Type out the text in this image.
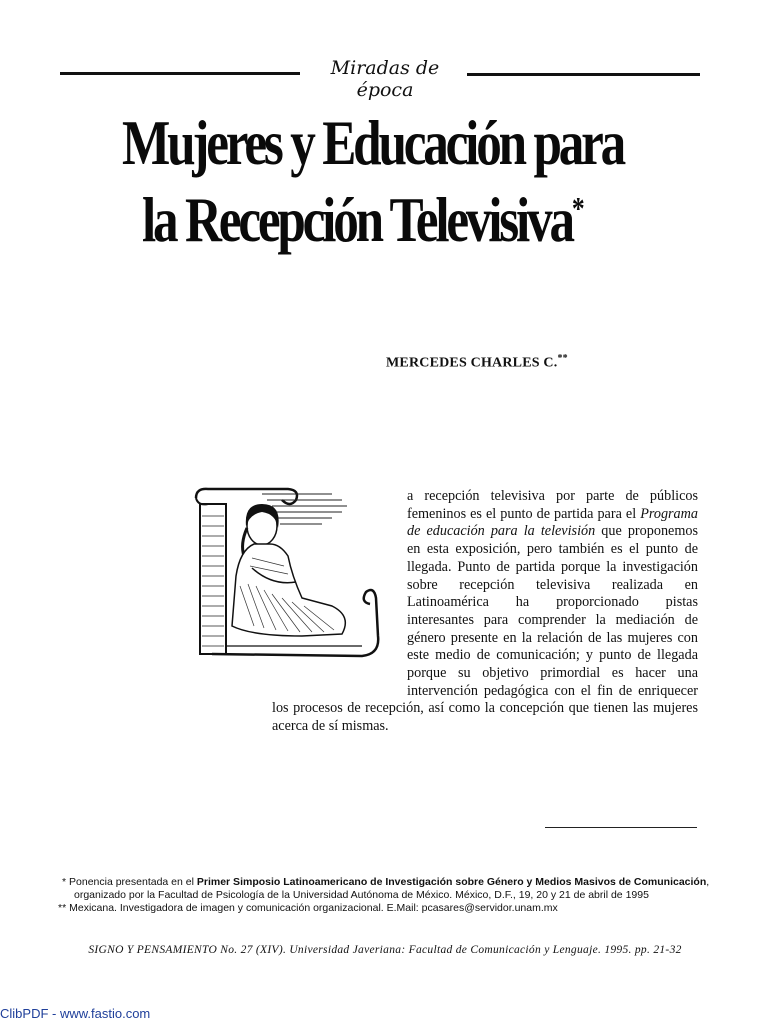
Miradas de época
Mujeres y Educación para
la Recepción Televisiva*
MERCEDES CHARLES C.**

a recepción televisiva por parte de públicos femeninos es el punto de partida para el Programa de educación para la televisión que proponemos en esta exposición, pero también es el punto de llegada. Punto de partida porque la investigación sobre recepción televisiva realizada en Latinoamérica ha proporcionado pistas interesantes para comprender la mediación de género presente en la relación de las mujeres con este medio de comunicación; y punto de llegada porque su objetivo primordial es hacer una intervención pedagógica con el fin de enriquecer los procesos de recepción, así como la concepción que tienen las mujeres acerca de sí mismas.

* Ponencia presentada en el Primer Simposio Latinoamericano de Investigación sobre Género y Medios Masivos de Comunicación,
organizado por la Facultad de Psicología de la Universidad Autónoma de México. México, D.F., 19, 20 y 21 de abril de 1995
** Mexicana. Investigadora de imagen y comunicación organizacional. E.Mail: pcasares@servidor.unam.mx
SIGNO Y PENSAMIENTO No. 27 (XIV). Universidad Javeriana: Facultad de Comunicación y Lenguaje. 1995. pp. 21-32
ClibPDF - www.fastio.com
